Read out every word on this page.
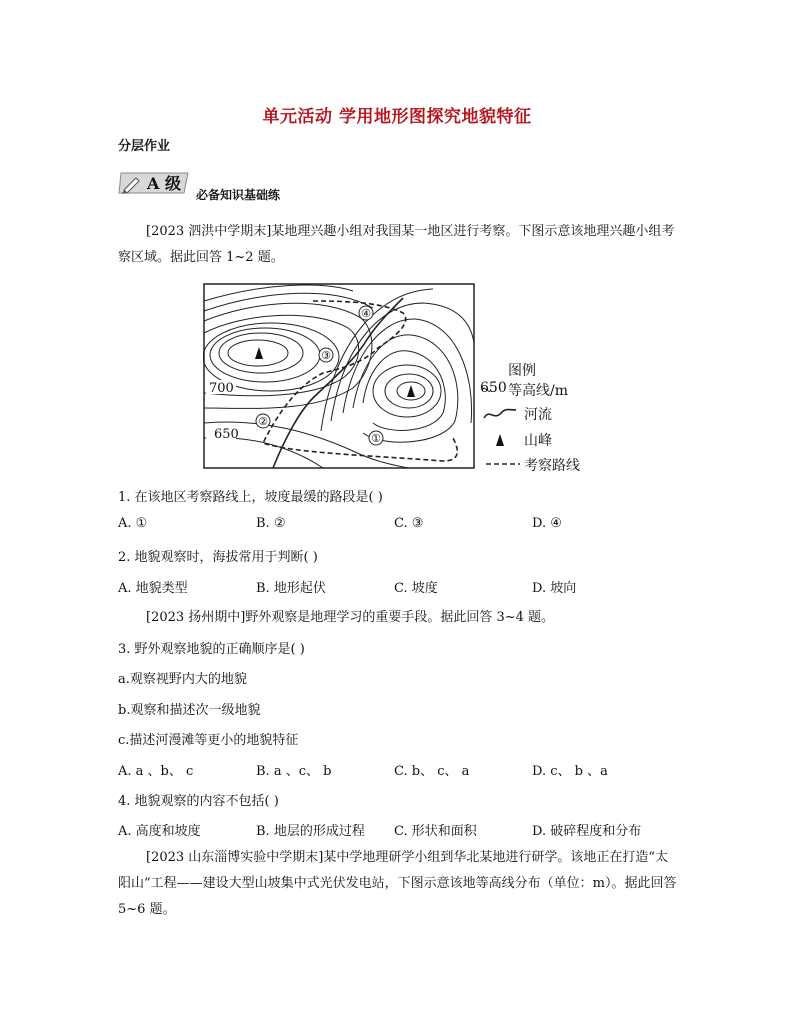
单元活动 学用地形图探究地貌特征
分层作业
A 级
必备知识基础练
[2023 泗洪中学期末]某地理兴趣小组对我国某一地区进行考察。下图示意该地理兴趣小组考察区域。据此回答 1~2 题。
④
③
②
①
700
650
图例
650 等高线/m
河流
山峰
考察路线
1. 在该地区考察路线上，坡度最缓的路段是( )
A. ①	B. ②	C. ③	D. ④
2. 地貌观察时，海拔常用于判断( )
A. 地貌类型	B. 地形起伏	C. 坡度	D. 坡向
[2023 扬州期中]野外观察是地理学习的重要手段。据此回答 3~4 题。
3. 野外观察地貌的正确顺序是( )
a.观察视野内大的地貌
b.观察和描述次一级地貌
c.描述河漫滩等更小的地貌特征
A. a 、b、 c	B. a 、c、 b	C. b、 c、 a	D. c、 b 、a
4. 地貌观察的内容不包括( )
A. 高度和坡度	B. 地层的形成过程 C. 形状和面积	D. 破碎程度和分布
[2023 山东淄博实验中学期末]某中学地理研学小组到华北某地进行研学。该地正在打造“太阳山”工程——建设大型山坡集中式光伏发电站，下图示意该地等高线分布（单位：m）。据此回答 5~6 题。
